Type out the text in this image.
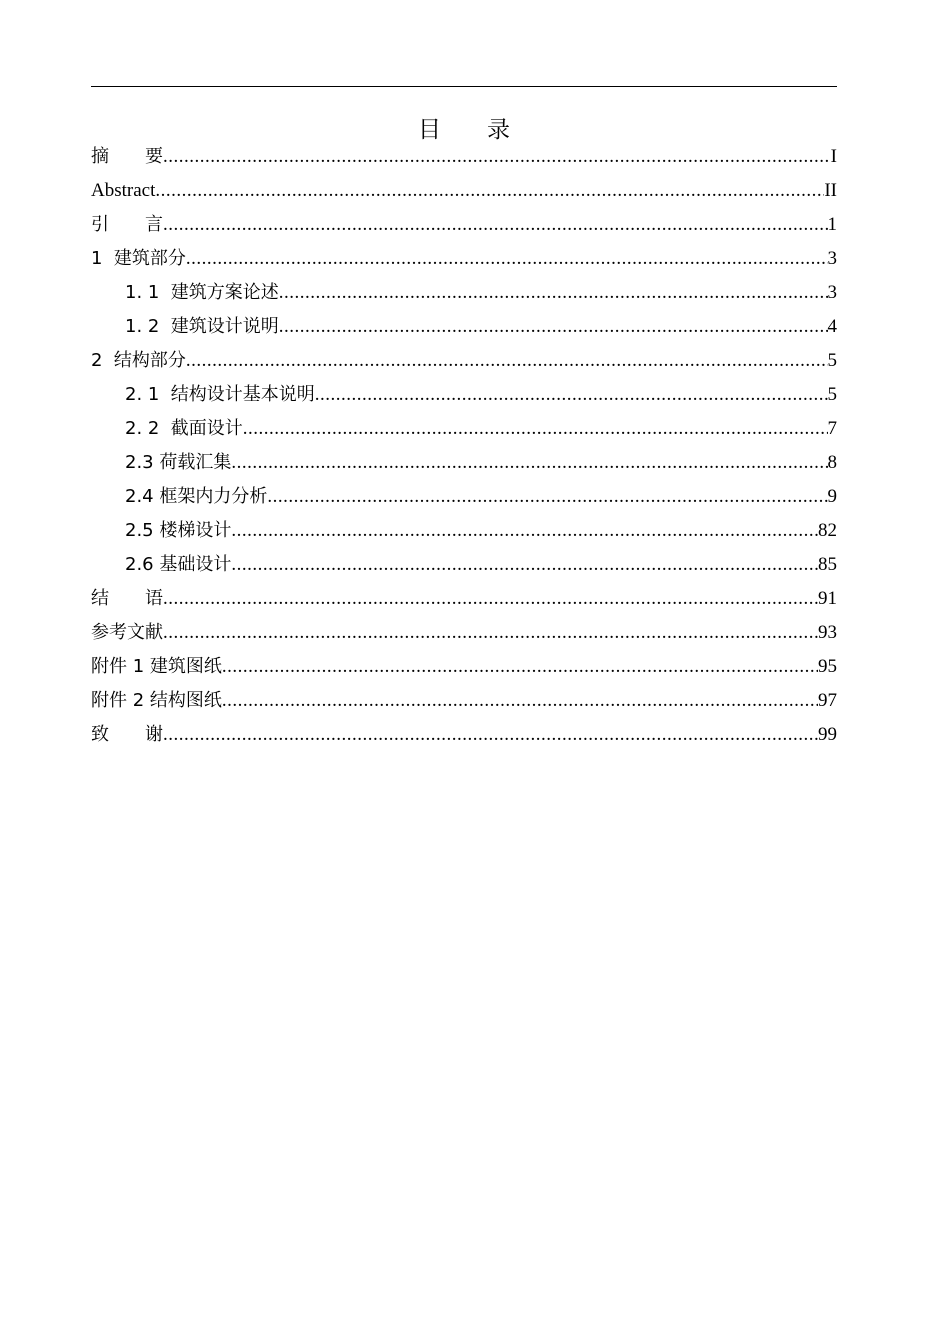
目　　录
摘　　要 .....	I
Abstract .....	II
引　　言 .....	1
1  建筑部分 .....	3
1. 1  建筑方案论述 .....	3
1. 2  建筑设计说明 .....	4
2  结构部分 .....	5
2. 1  结构设计基本说明 .....	5
2. 2  截面设计 .....	7
2.3 荷载汇集 .....	8
2.4 框架内力分析 .....	9
2.5 楼梯设计 .....	82
2.6 基础设计 .....	85
结　　语 .....	91
参考文献 .....	93
附件 1 建筑图纸 .....	95
附件 2 结构图纸 .....	97
致　　谢 .....	99
